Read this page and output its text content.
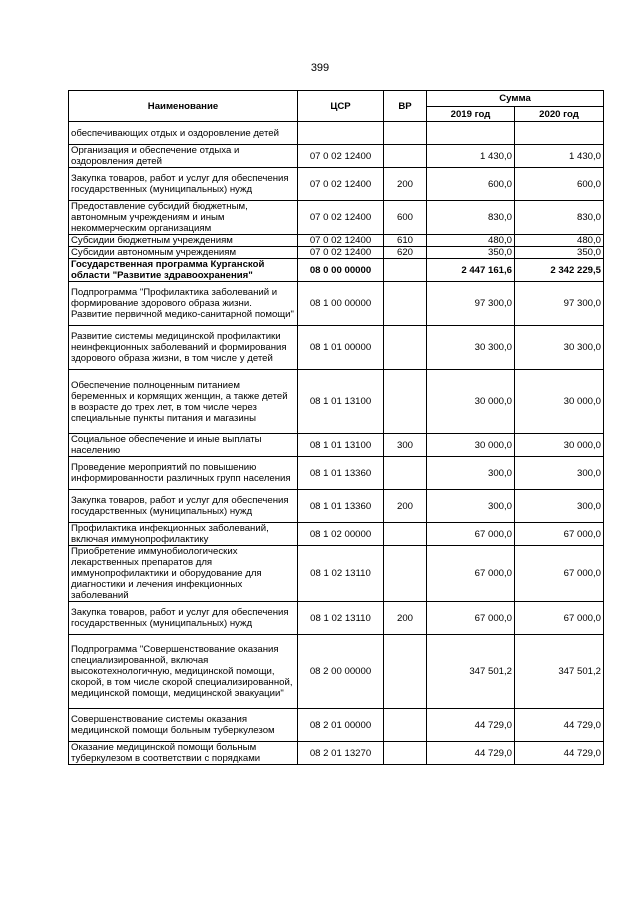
399
Наименование	ЦСР	ВР	Сумма	
			2019 год	2020 год
обеспечивающих отдых и оздоровление детей				
Организация и обеспечение отдыха и оздоровления детей	07 0 02 12400		1 430,0	1 430,0
Закупка товаров, работ и услуг для обеспечения государственных (муниципальных) нужд	07 0 02 12400	200	600,0	600,0
Предоставление субсидий бюджетным, автономным учреждениям и иным некоммерческим организациям	07 0 02 12400	600	830,0	830,0
Субсидии бюджетным учреждениям	07 0 02 12400	610	480,0	480,0
Субсидии автономным учреждениям	07 0 02 12400	620	350,0	350,0
Государственная программа Курганской области "Развитие здравоохранения"	08 0 00 00000		2 447 161,6	2 342 229,5
Подпрограмма "Профилактика заболеваний и формирование здорового образа жизни. Развитие первичной медико-санитарной помощи"	08 1 00 00000		97 300,0	97 300,0
Развитие системы медицинской профилактики неинфекционных заболеваний и формирования здорового образа жизни, в том числе у детей	08 1 01 00000		30 300,0	30 300,0
Обеспечение полноценным питанием беременных и кормящих женщин, а также детей в возрасте до трех лет, в том числе через специальные пункты питания и магазины	08 1 01 13100		30 000,0	30 000,0
Социальное обеспечение и иные выплаты населению	08 1 01 13100	300	30 000,0	30 000,0
Проведение мероприятий по повышению информированности различных групп населения	08 1 01 13360		300,0	300,0
Закупка товаров, работ и услуг для обеспечения государственных (муниципальных) нужд	08 1 01 13360	200	300,0	300,0
Профилактика инфекционных заболеваний, включая иммунопрофилактику	08 1 02 00000		67 000,0	67 000,0
Приобретение иммунобиологических лекарственных препаратов для иммунопрофилактики и оборудование для диагностики и лечения инфекционных заболеваний	08 1 02 13110		67 000,0	67 000,0
Закупка товаров, работ и услуг для обеспечения государственных (муниципальных) нужд	08 1 02 13110	200	67 000,0	67 000,0
Подпрограмма "Совершенствование оказания специализированной, включая высокотехнологичную, медицинской помощи, скорой, в том числе скорой специализированной, медицинской помощи, медицинской эвакуации"	08 2 00 00000		347 501,2	347 501,2
Совершенствование системы оказания медицинской помощи больным туберкулезом	08 2 01 00000		44 729,0	44 729,0
Оказание медицинской помощи больным туберкулезом в соответствии с порядками	08 2 01 13270		44 729,0	44 729,0
